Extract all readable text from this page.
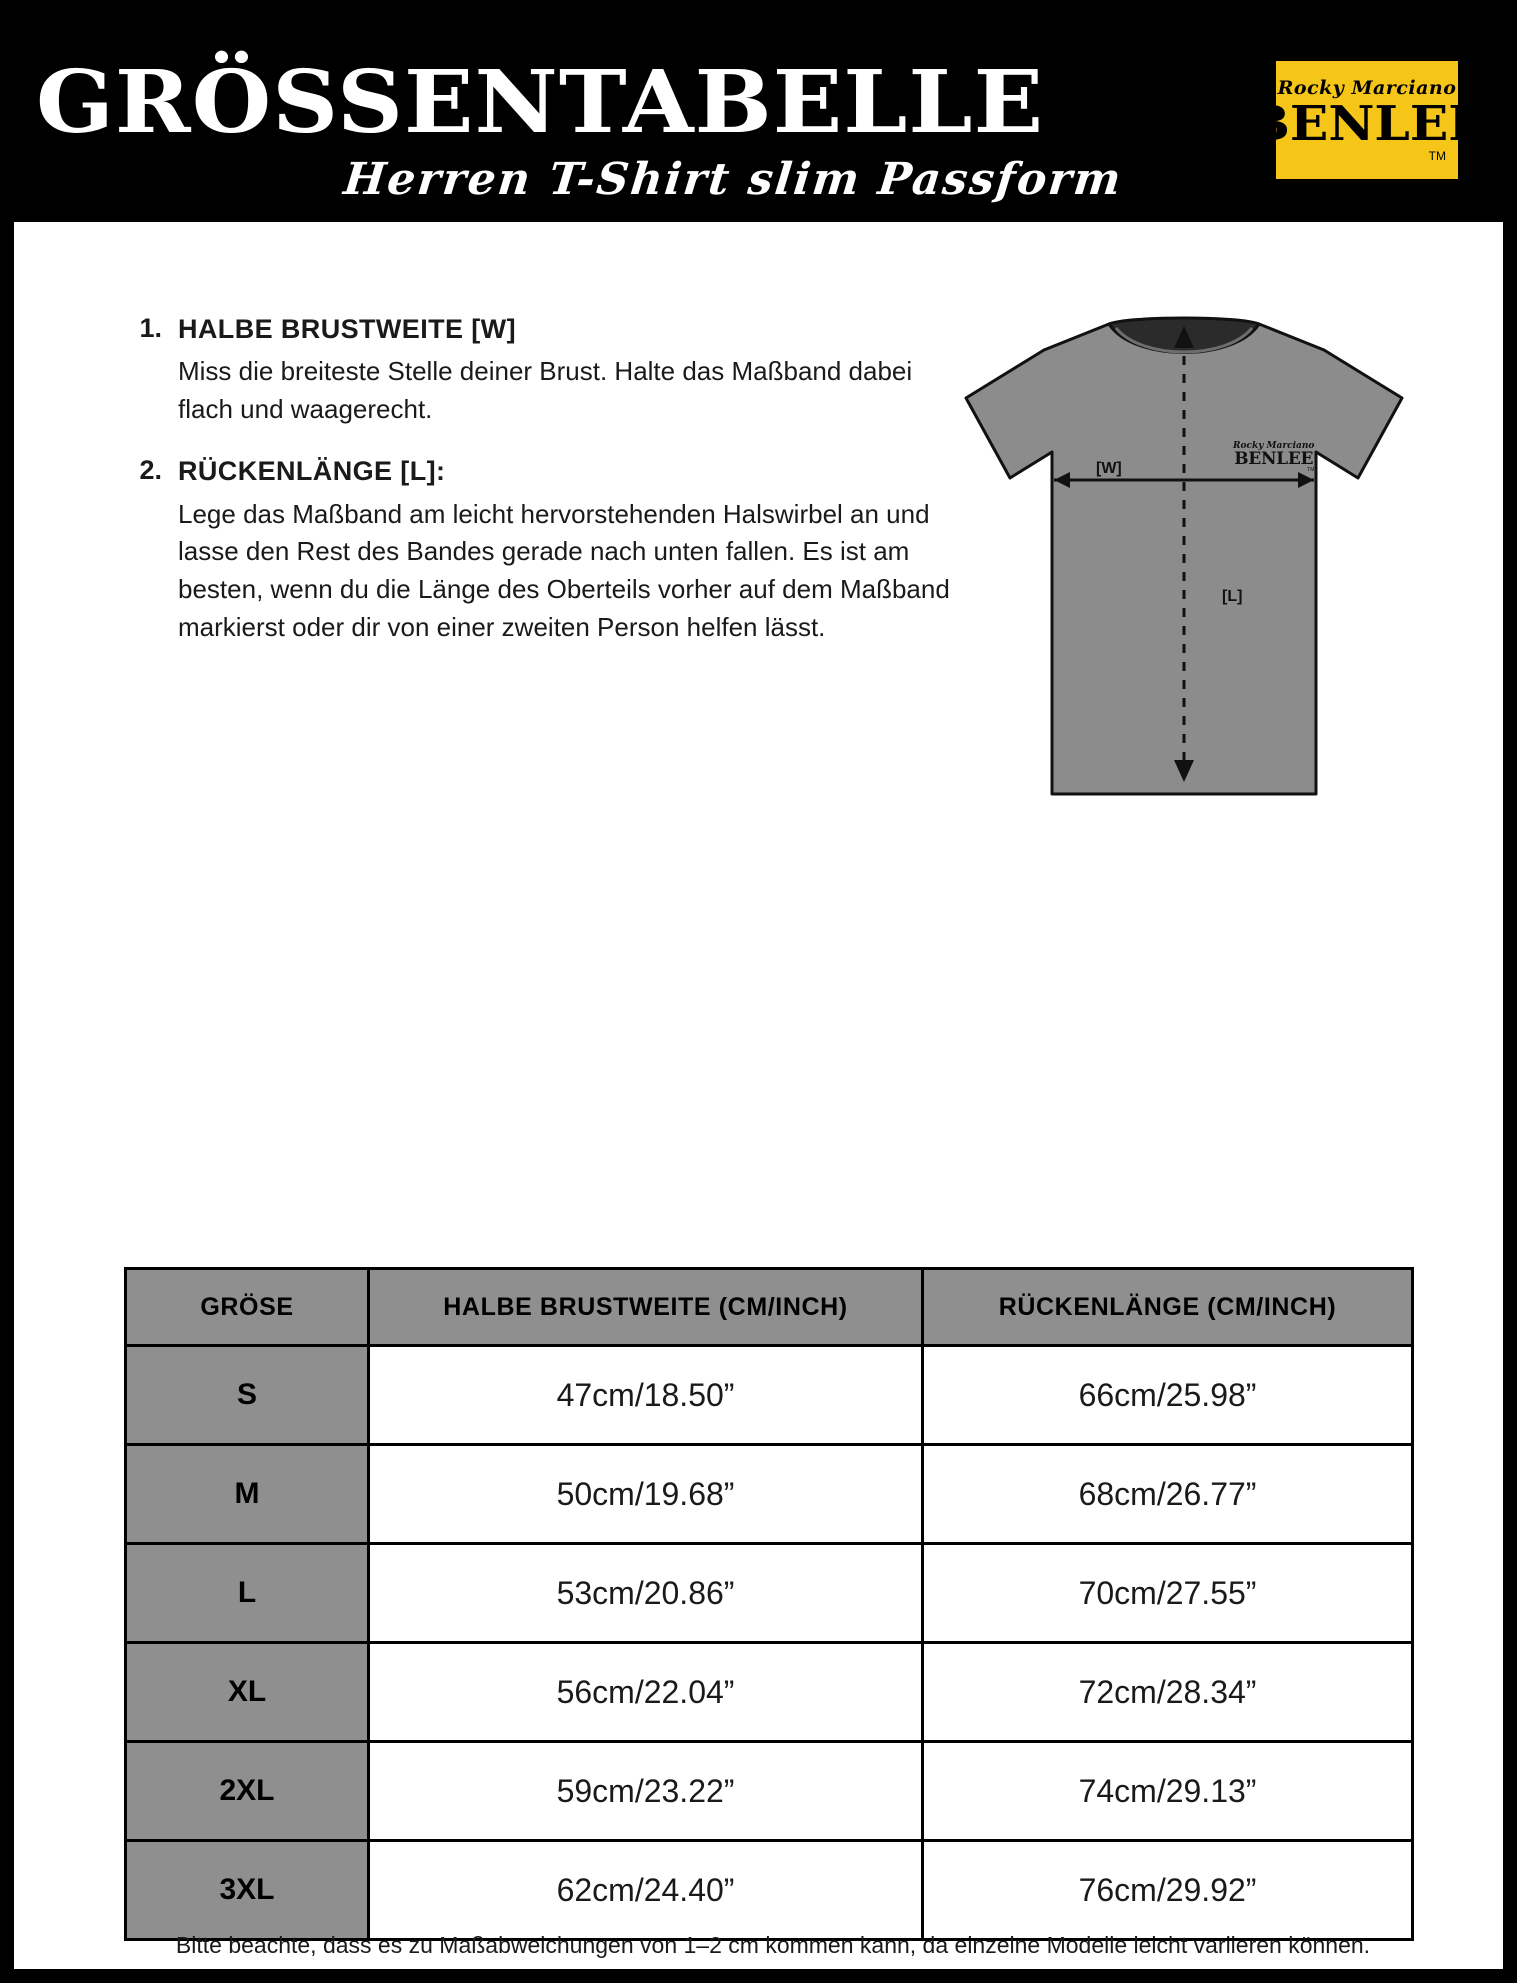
GRÖSSENTABELLE
Herren T-Shirt slim Passform
Rocky Marciano
BENLEE
TM
1. HALBE BRUSTWEITE [W]
Miss die breiteste Stelle deiner Brust. Halte das Maßband dabei flach und waagerecht.
2. RÜCKENLÄNGE [L]:
Lege das Maßband am leicht hervorstehenden Halswirbel an und lasse den Rest des Bandes gerade nach unten fallen. Es ist am besten, wenn du die Länge des Oberteils vorher auf dem Maßband markierst oder dir von einer zweiten Person helfen lässt.
[W]
[L]
Rocky Marciano
BENLEE
TM
GRÖSE	HALBE BRUSTWEITE (CM/INCH)	RÜCKENLÄNGE (CM/INCH)
S	47cm/18.50”	66cm/25.98”
M	50cm/19.68”	68cm/26.77”
L	53cm/20.86”	70cm/27.55”
XL	56cm/22.04”	72cm/28.34”
2XL	59cm/23.22”	74cm/29.13”
3XL	62cm/24.40”	76cm/29.92”
Bitte beachte, dass es zu Maßabweichungen von 1–2 cm kommen kann, da einzelne Modelle leicht variieren können.
